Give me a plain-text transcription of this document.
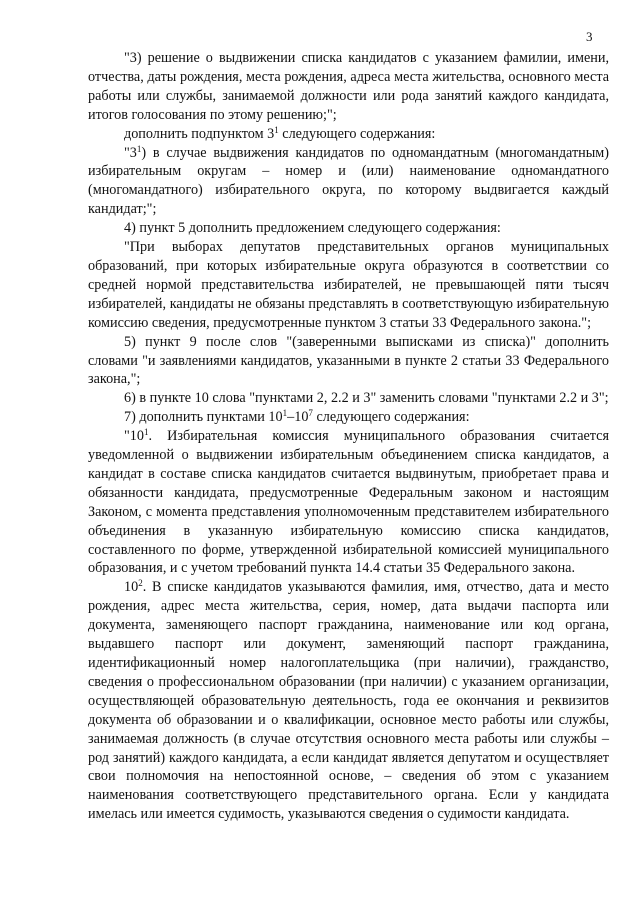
3

"3) решение о выдвижении списка кандидатов с указанием фамилии, имени, отчества, даты рождения, места рождения, адреса места жительства, основного места работы или службы, занимаемой должности или рода занятий каждого кандидата, итогов голосования по этому решению;";

дополнить подпунктом $3^1$ следующего содержания:

"$3^1$) в случае выдвижения кандидатов по одномандатным (многомандатным) избирательным округам – номер и (или) наименование одномандатного (многомандатного) избирательного округа, по которому выдвигается каждый кандидат;";

4) пункт 5 дополнить предложением следующего содержания:

"При выборах депутатов представительных органов муниципальных образований, при которых избирательные округа образуются в соответствии со средней нормой представительства избирателей, не превышающей пяти тысяч избирателей, кандидаты не обязаны представлять в соответствующую избирательную комиссию сведения, предусмотренные пунктом 3 статьи 33 Федерального закона.";

5) пункт 9 после слов "(заверенными выписками из списка)" дополнить словами "и заявлениями кандидатов, указанными в пункте 2 статьи 33 Федерального закона,";

6) в пункте 10 слова "пунктами 2, 2.2 и 3" заменить словами "пунктами 2.2 и 3";

7) дополнить пунктами $10^1-10^7$ следующего содержания:

"$10^1$. Избирательная комиссия муниципального образования считается уведомленной о выдвижении избирательным объединением списка кандидатов, а кандидат в составе списка кандидатов считается выдвинутым, приобретает права и обязанности кандидата, предусмотренные Федеральным законом и настоящим Законом, с момента представления уполномоченным представителем избирательного объединения в указанную избирательную комиссию списка кандидатов, составленного по форме, утвержденной избирательной комиссией муниципального образования, и с учетом требований пункта 14.4 статьи 35 Федерального закона.

$10^2$. В списке кандидатов указываются фамилия, имя, отчество, дата и место рождения, адрес места жительства, серия, номер, дата выдачи паспорта или документа, заменяющего паспорт гражданина, наименование или код органа, выдавшего паспорт или документ, заменяющий паспорт гражданина, идентификационный номер налогоплательщика (при наличии), гражданство, сведения о профессиональном образовании (при наличии) с указанием организации, осуществляющей образовательную деятельность, года ее окончания и реквизитов документа об образовании и о квалификации, основное место работы или службы, занимаемая должность (в случае отсутствия основного места работы или службы – род занятий) каждого кандидата, а если кандидат является депутатом и осуществляет свои полномочия на непостоянной основе, – сведения об этом с указанием наименования соответствующего представительного органа. Если у кандидата имелась или имеется судимость, указываются сведения о судимости кандидата.
